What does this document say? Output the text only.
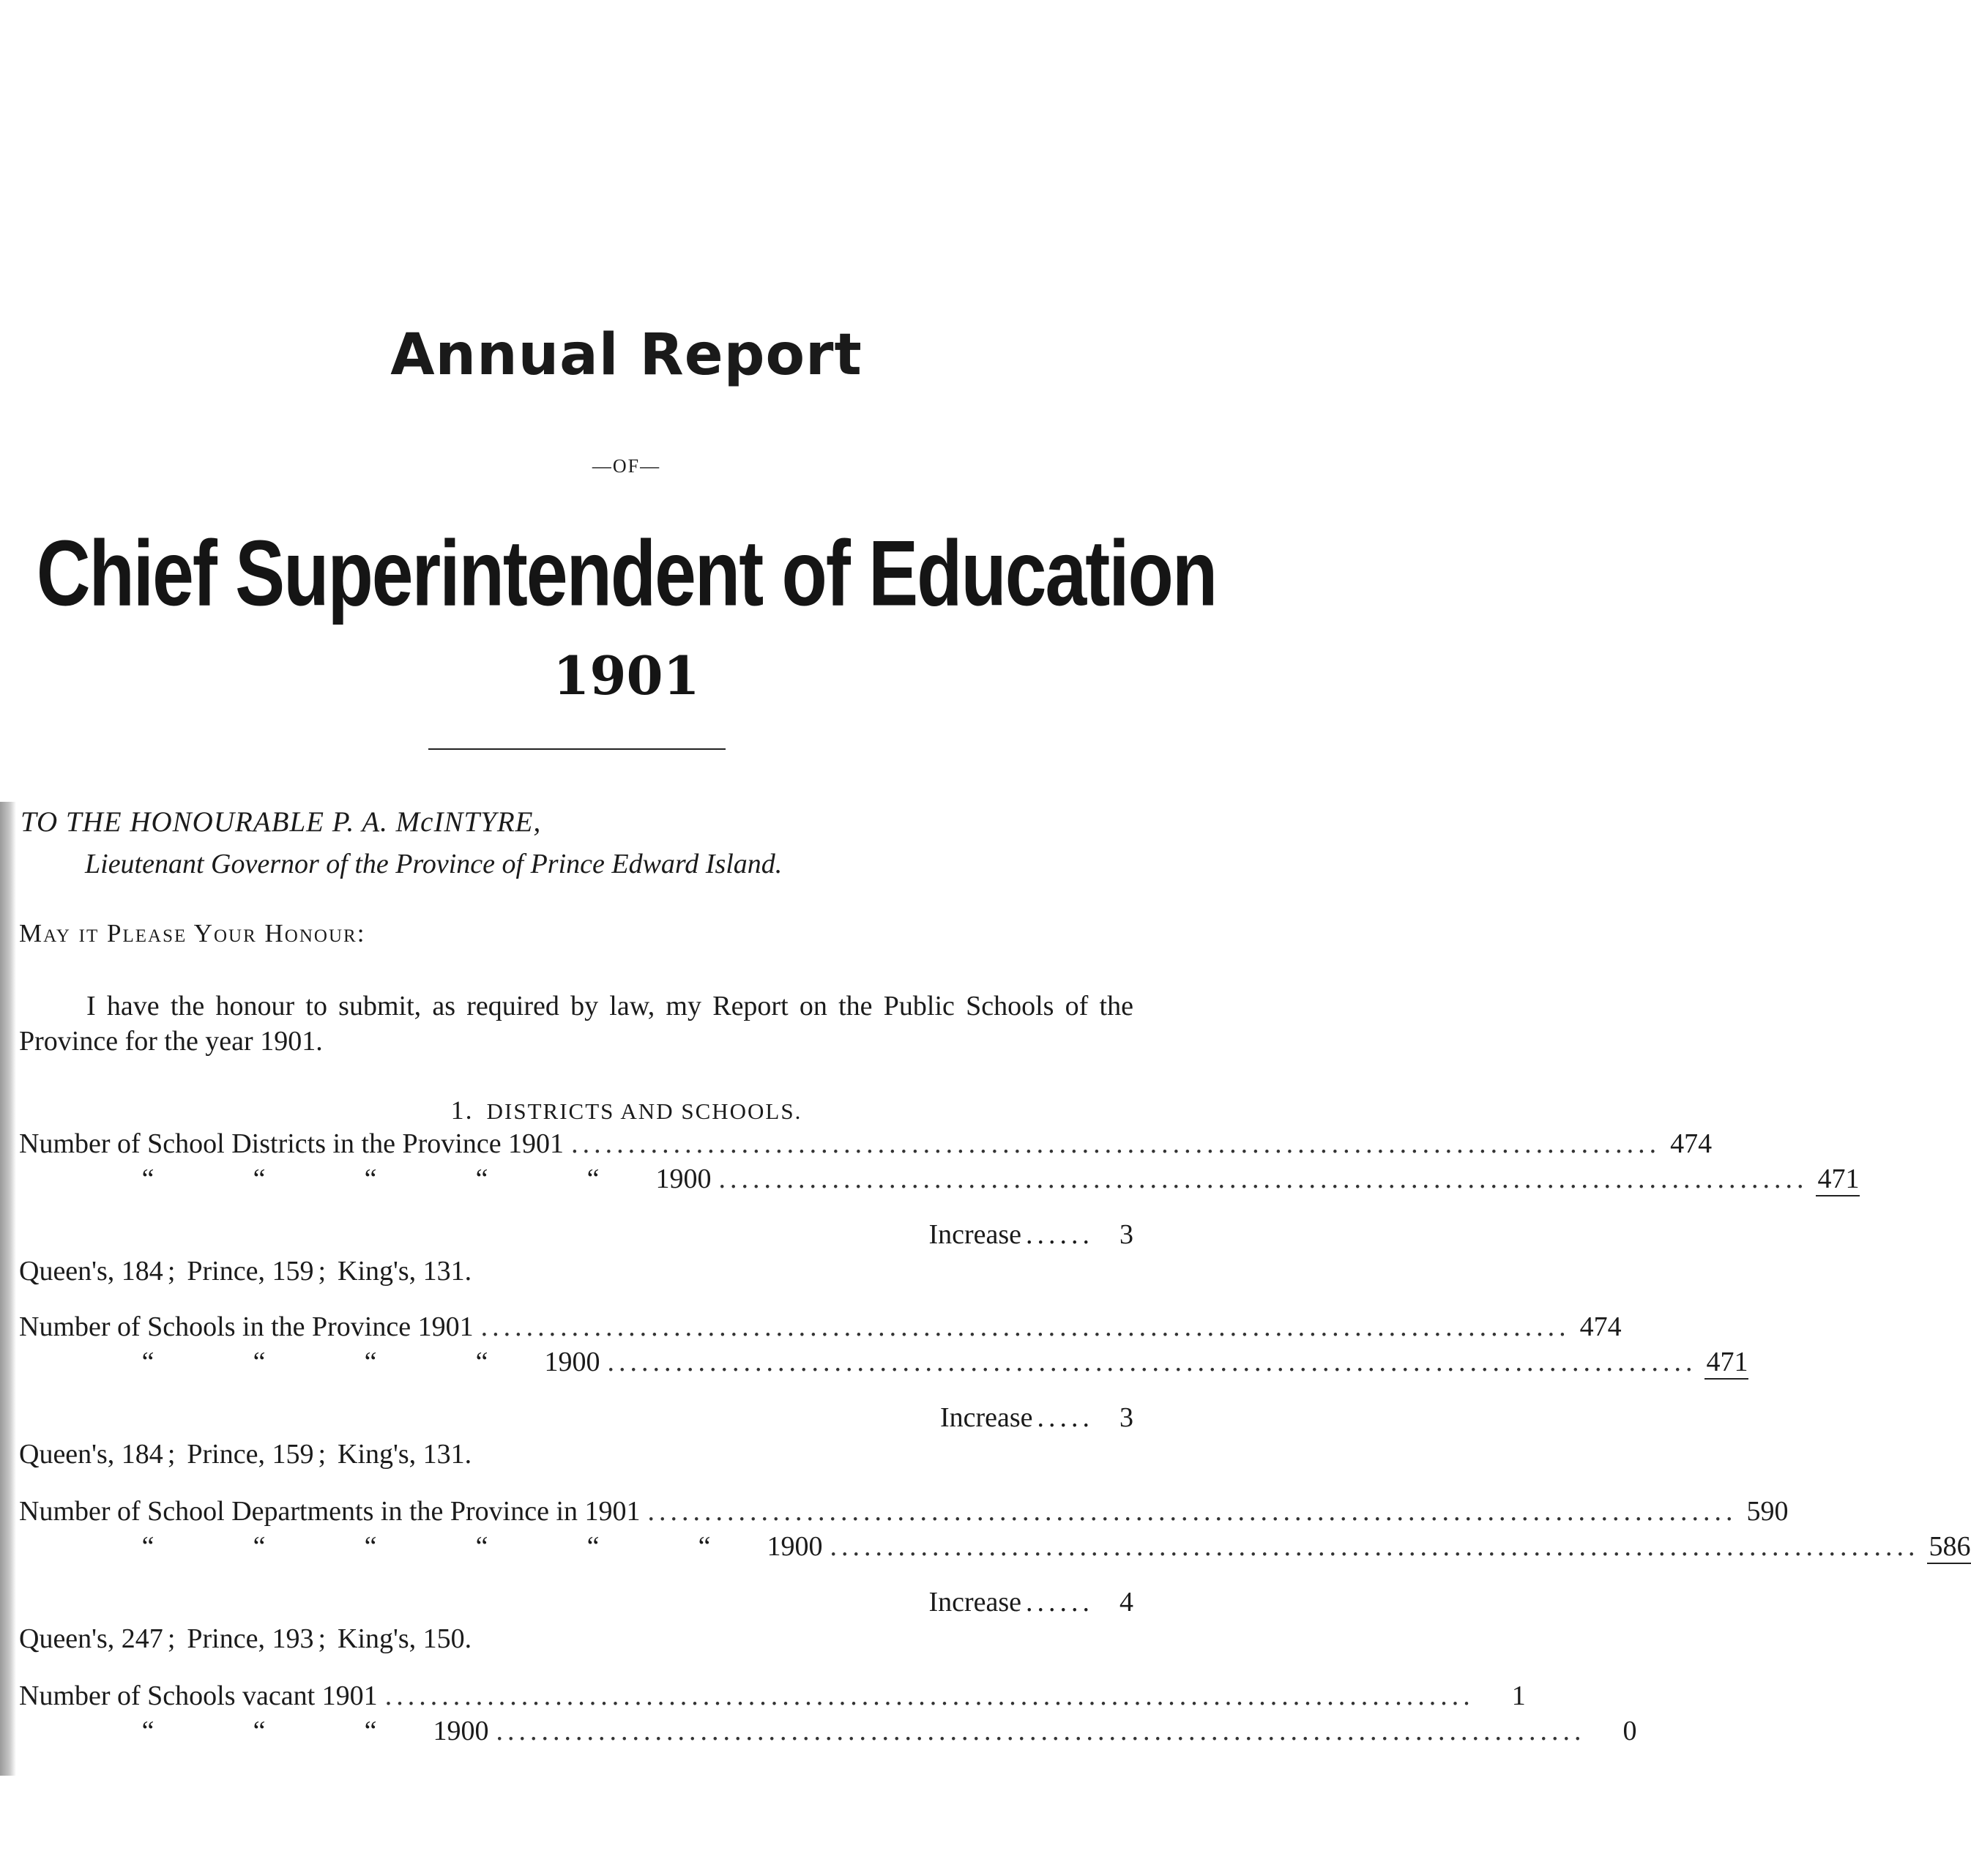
Annual Report
—OF—
Chief Superintendent of Education
1901
TO THE HONOURABLE P. A. McINTYRE,
Lieutenant Governor of the Province of Prince Edward Island.
May it Please Your Honour:
I have the honour to submit, as required by law, my Report on the Public Schools of the Province for the year 1901.
1. DISTRICTS AND SCHOOLS.
Number of School Districts in the Province 1901 ................................................................................................ 474
“	“	“	“	“ 1900 ................................................................................................ 471
Increase ...... 3
Queen's, 184 ; Prince, 159 ; King's, 131.
Number of Schools in the Province 1901 ................................................................................................ 474
“	“	“	“ 1900 ................................................................................................ 471
Increase ..... 3
Queen's, 184 ; Prince, 159 ; King's, 131.
Number of School Departments in the Province in 1901 ................................................................................................ 590
“	“	“	“	“	“ 1900 ................................................................................................ 586
Increase ...... 4
Queen's, 247 ; Prince, 193 ; King's, 150.
Number of Schools vacant 1901 ................................................................................................	1
“	“	“ 1900 ................................................................................................	0
